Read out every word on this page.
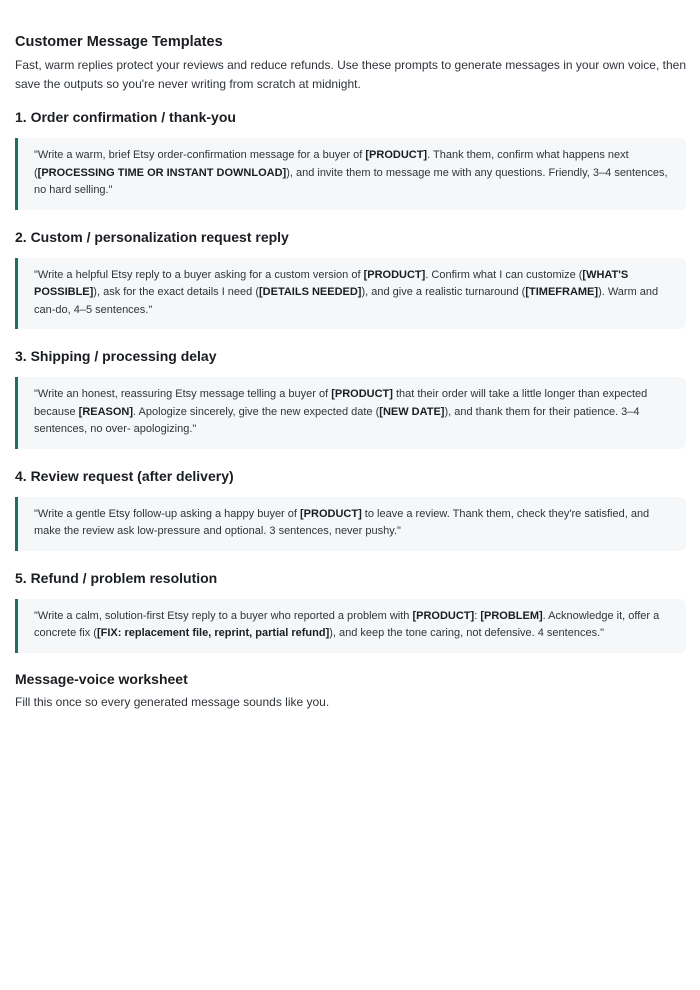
Customer Message Templates

Fast, warm replies protect your reviews and reduce refunds. Use these prompts to generate messages in your own voice, then save the outputs so you're never writing from scratch at midnight.

1. Order confirmation / thank-you
"Write a warm, brief Etsy order-confirmation message for a buyer of [PRODUCT]. Thank them, confirm what happens next ([PROCESSING TIME OR INSTANT DOWNLOAD]), and invite them to message me with any questions. Friendly, 3–4 sentences, no hard selling."
2. Custom / personalization request reply
"Write a helpful Etsy reply to a buyer asking for a custom version of [PRODUCT]. Confirm what I can customize ([WHAT'S POSSIBLE]), ask for the exact details I need ([DETAILS NEEDED]), and give a realistic turnaround ([TIMEFRAME]). Warm and can-do, 4–5 sentences."
3. Shipping / processing delay
"Write an honest, reassuring Etsy message telling a buyer of [PRODUCT] that their order will take a little longer than expected because [REASON]. Apologize sincerely, give the new expected date ([NEW DATE]), and thank them for their patience. 3–4 sentences, no over- apologizing."
4. Review request (after delivery)
"Write a gentle Etsy follow-up asking a happy buyer of [PRODUCT] to leave a review. Thank them, check they're satisfied, and make the review ask low-pressure and optional. 3 sentences, never pushy."
5. Refund / problem resolution
"Write a calm, solution-first Etsy reply to a buyer who reported a problem with [PRODUCT]: [PROBLEM]. Acknowledge it, offer a concrete fix ([FIX: replacement file, reprint, partial refund]), and keep the tone caring, not defensive. 4 sentences."
Message-voice worksheet

Fill this once so every generated message sounds like you.
